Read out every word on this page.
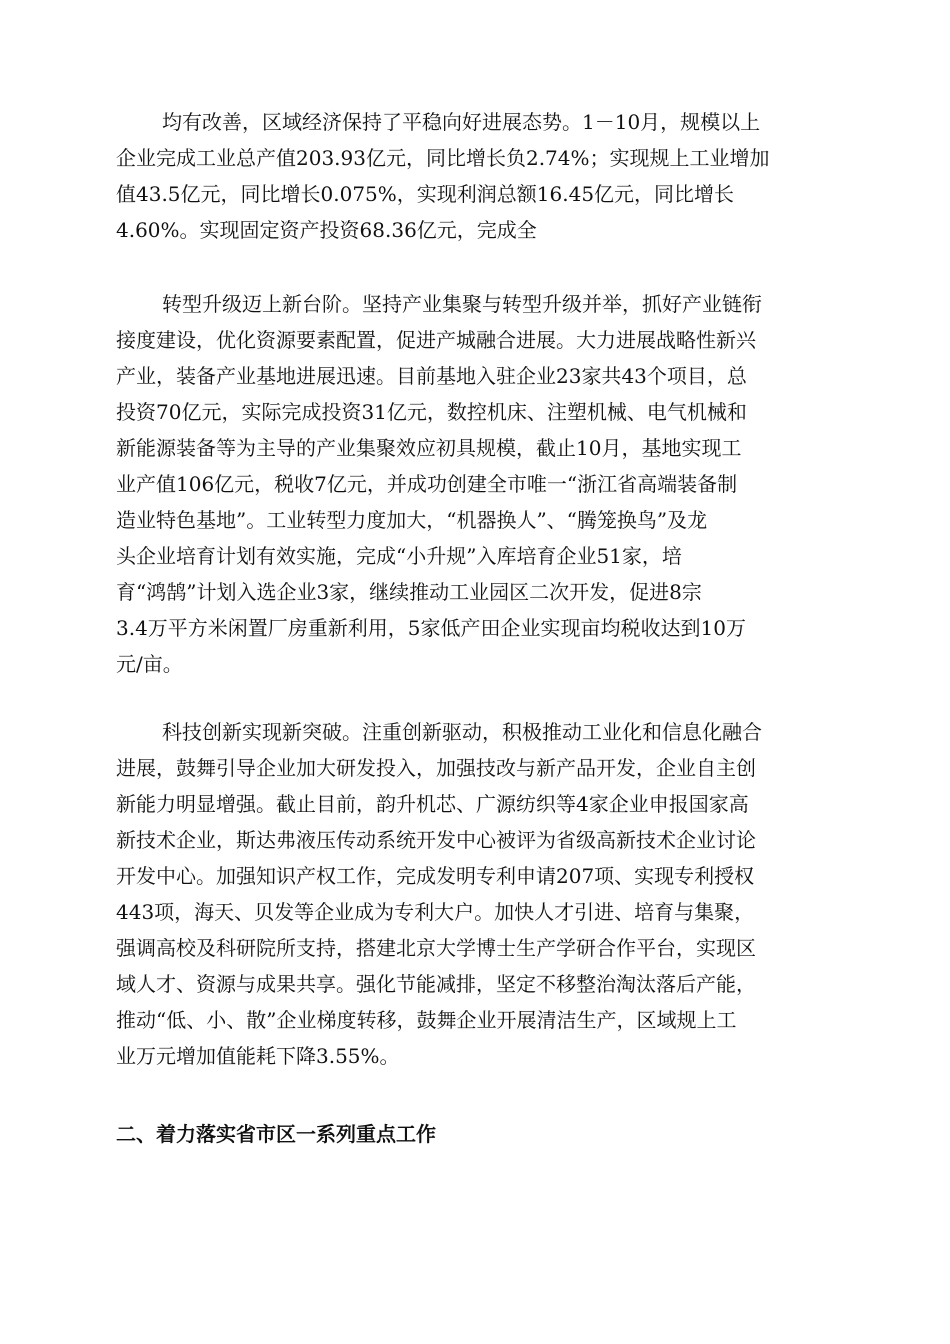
均有改善，区域经济保持了平稳向好进展态势。1－10月，规模以上
企业完成工业总产值203.93亿元，同比增长负2.74%；实现规上工业增加
值43.5亿元，同比增长0.075%，实现利润总额16.45亿元，同比增长
4.60%。实现固定资产投资68.36亿元，完成全
转型升级迈上新台阶。坚持产业集聚与转型升级并举，抓好产业链衔
接度建设，优化资源要素配置，促进产城融合进展。大力进展战略性新兴
产业，装备产业基地进展迅速。目前基地入驻企业23家共43个项目，总
投资70亿元，实际完成投资31亿元，数控机床、注塑机械、电气机械和
新能源装备等为主导的产业集聚效应初具规模，截止10月，基地实现工
业产值106亿元，税收7亿元，并成功创建全市唯一“浙江省高端装备制
造业特色基地”。工业转型力度加大，“机器换人”、“腾笼换鸟”及龙
头企业培育计划有效实施，完成“小升规”入库培育企业51家，培
育“鸿鹄”计划入选企业3家，继续推动工业园区二次开发，促进8宗
3.4万平方米闲置厂房重新利用，5家低产田企业实现亩均税收达到10万
元/亩。
科技创新实现新突破。注重创新驱动，积极推动工业化和信息化融合
进展，鼓舞引导企业加大研发投入，加强技改与新产品开发，企业自主创
新能力明显增强。截止目前，韵升机芯、广源纺织等4家企业申报国家高
新技术企业，斯达弗液压传动系统开发中心被评为省级高新技术企业讨论
开发中心。加强知识产权工作，完成发明专利申请207项、实现专利授权
443项，海天、贝发等企业成为专利大户。加快人才引进、培育与集聚，
强调高校及科研院所支持，搭建北京大学博士生产学研合作平台，实现区
域人才、资源与成果共享。强化节能减排，坚定不移整治淘汰落后产能，
推动“低、小、散”企业梯度转移，鼓舞企业开展清洁生产，区域规上工
业万元增加值能耗下降3.55%。
二、着力落实省市区一系列重点工作
